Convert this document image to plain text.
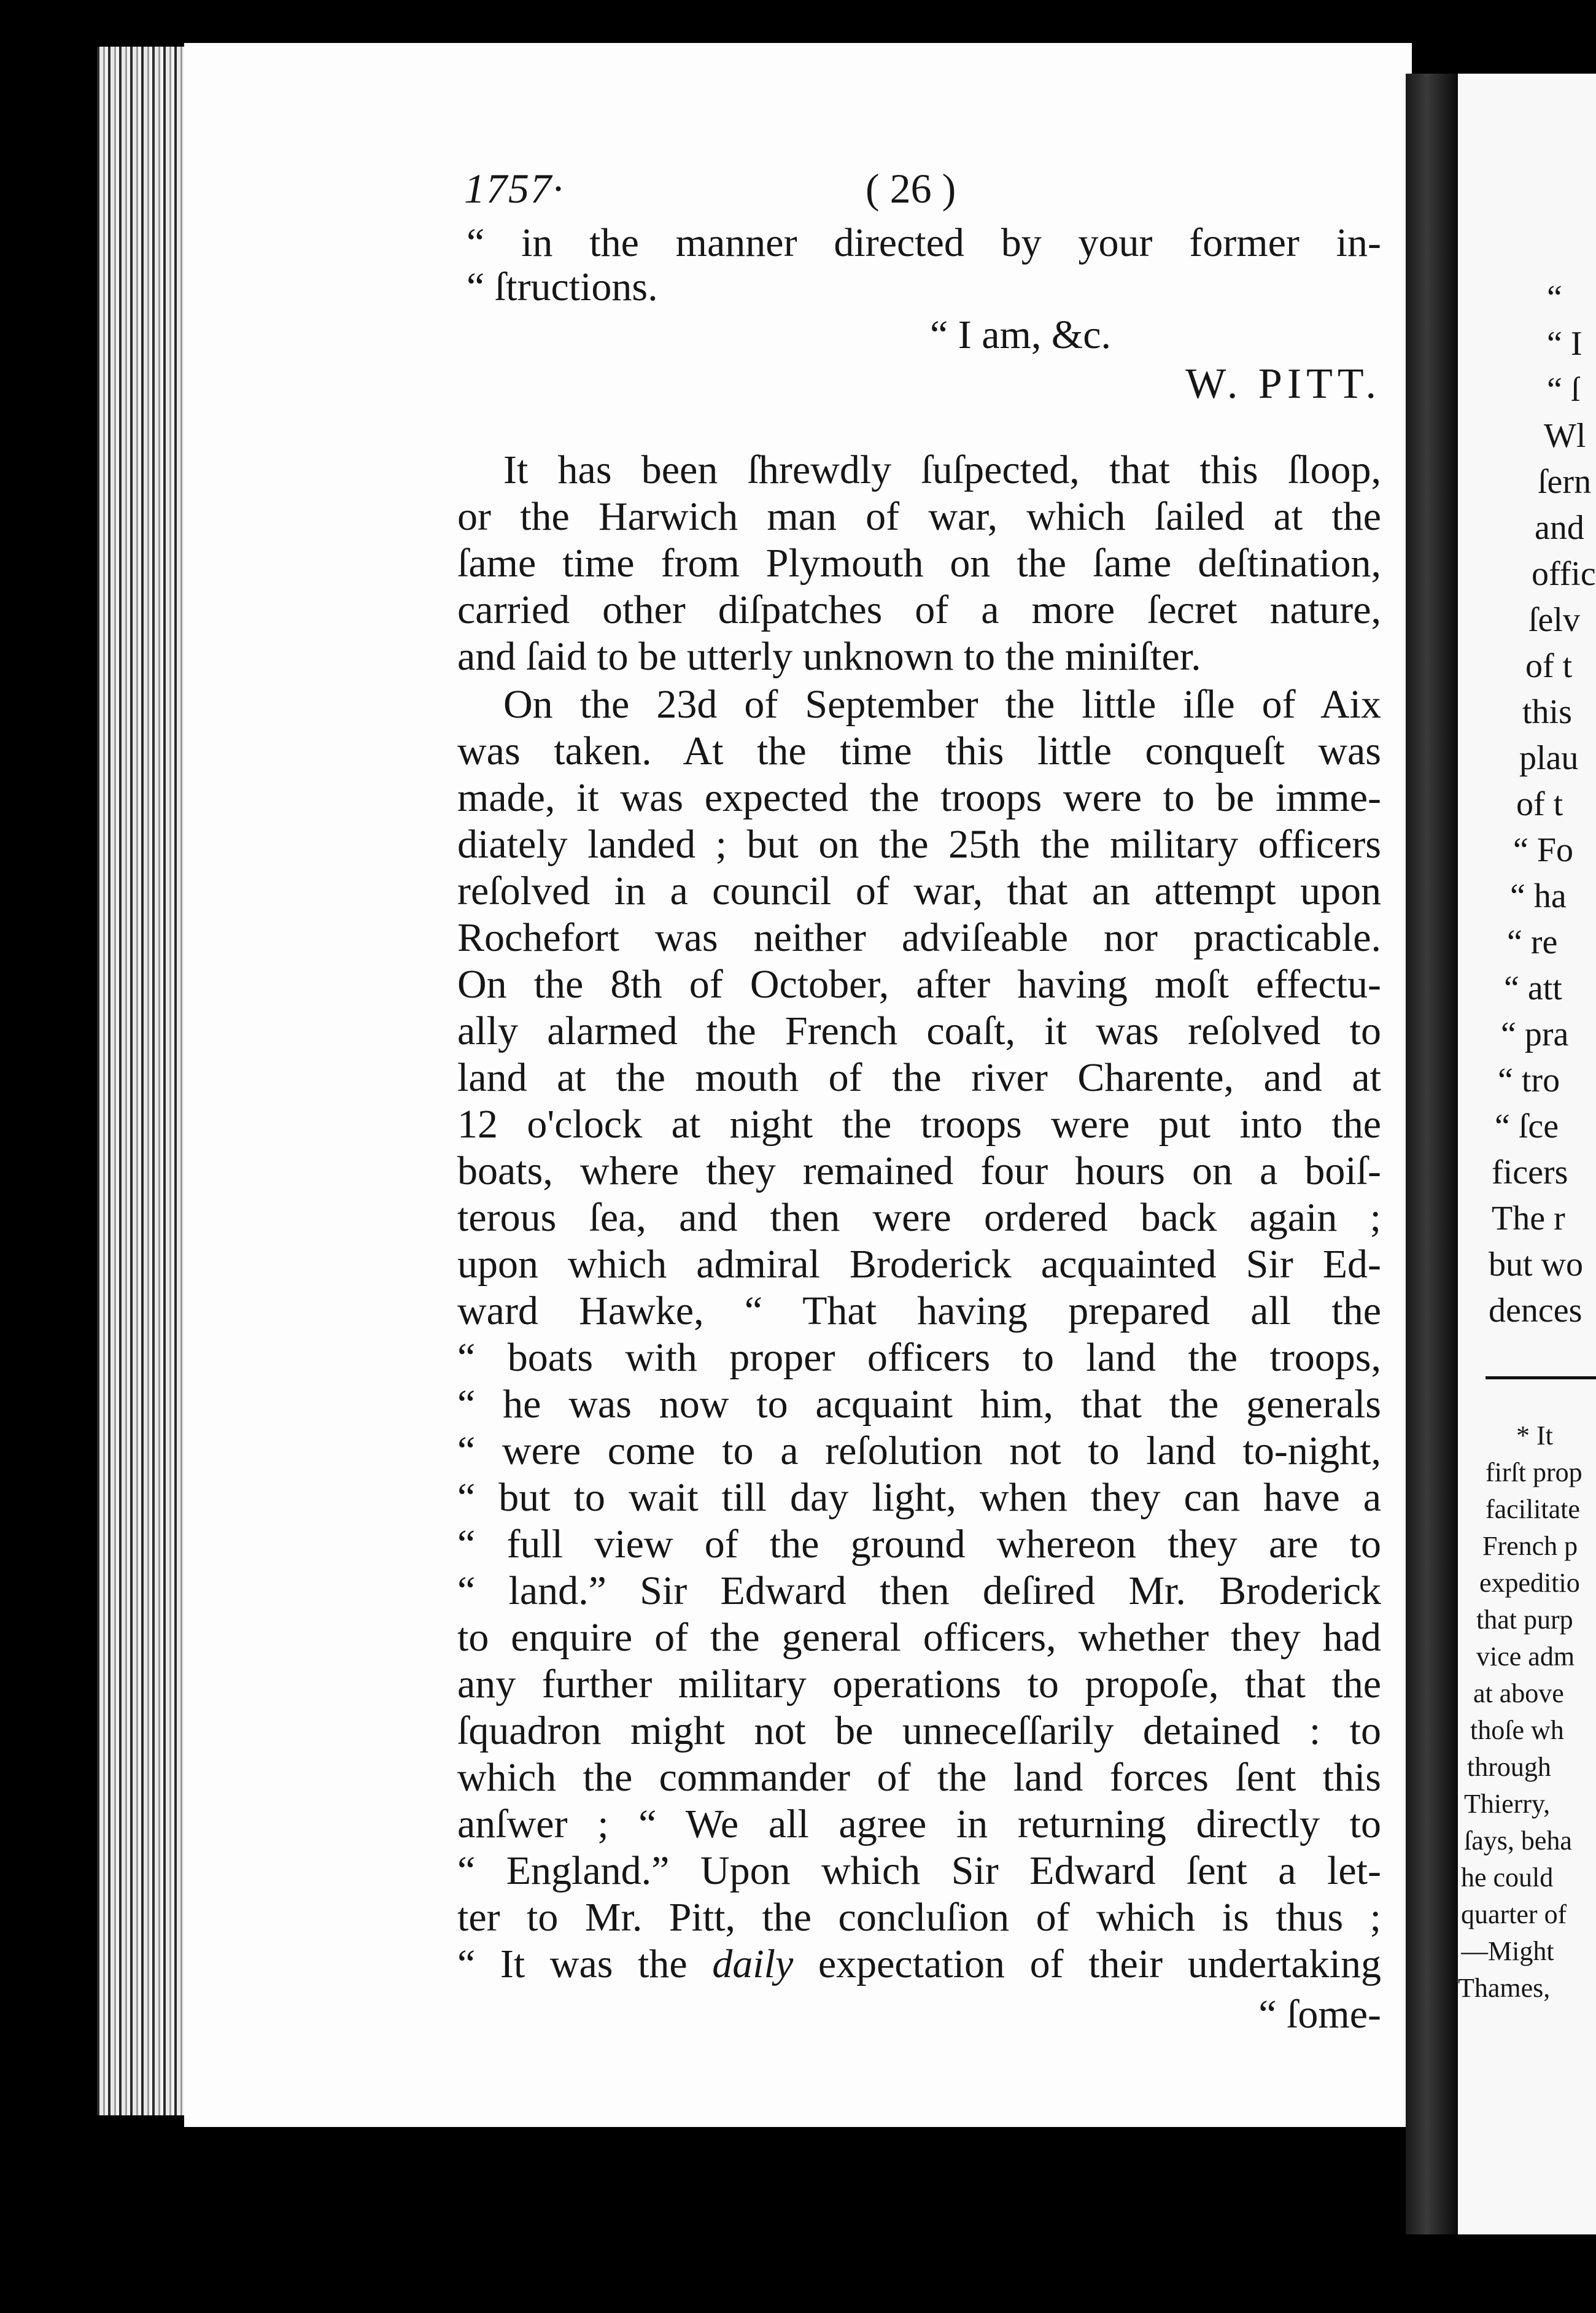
1757·	( 26 )
“ in the manner directed by your former in-
“ ſtructions.
“ I am, &c.
W. PITT.
It has been ſhrewdly ſuſpected, that this ſloop,
or the Harwich man of war, which ſailed at the
ſame time from Plymouth on the ſame deſtination,
carried other diſpatches of a more ſecret nature,
and ſaid to be utterly unknown to the miniſter.
On the 23d of September the little iſle of Aix
was taken. At the time this little conqueſt was
made, it was expected the troops were to be imme-
diately landed ; but on the 25th the military officers
reſolved in a council of war, that an attempt upon
Rochefort was neither adviſeable nor practicable.
On the 8th of October, after having moſt effectu-
ally alarmed the French coaſt, it was reſolved to
land at the mouth of the river Charente, and at
12 o'clock at night the troops were put into the
boats, where they remained four hours on a boiſ-
terous ſea, and then were ordered back again ;
upon which admiral Broderick acquainted Sir Ed-
ward Hawke, “ That having prepared all the
“ boats with proper officers to land the troops,
“ he was now to acquaint him, that the generals
“ were come to a reſolution not to land to-night,
“ but to wait till day light, when they can have a
“ full view of the ground whereon they are to
“ land.” Sir Edward then deſired Mr. Broderick
to enquire of the general officers, whether they had
any further military operations to propoſe, that the
ſquadron might not be unneceſſarily detained : to
which the commander of the land forces ſent this
anſwer ; “ We all agree in returning directly to
“ England.” Upon which Sir Edward ſent a let-
ter to Mr. Pitt, the concluſion of which is thus ;
“ It was the daily expectation of their undertaking
“ ſome-
“
“ I
“ ſ
Wl
ſern
and
offic
ſelv
of t
this
plau
of t
“ Fo
“ ha
“ re
“ att
“ pra
“ tro
“ ſce
ficers
The r
but wo
dences
* It
firſt prop
facilitate
French p
expeditio
that purp
vice adm
at above
thoſe wh
through
Thierry,
ſays, beha
he could
quarter of
—Might
Thames,
